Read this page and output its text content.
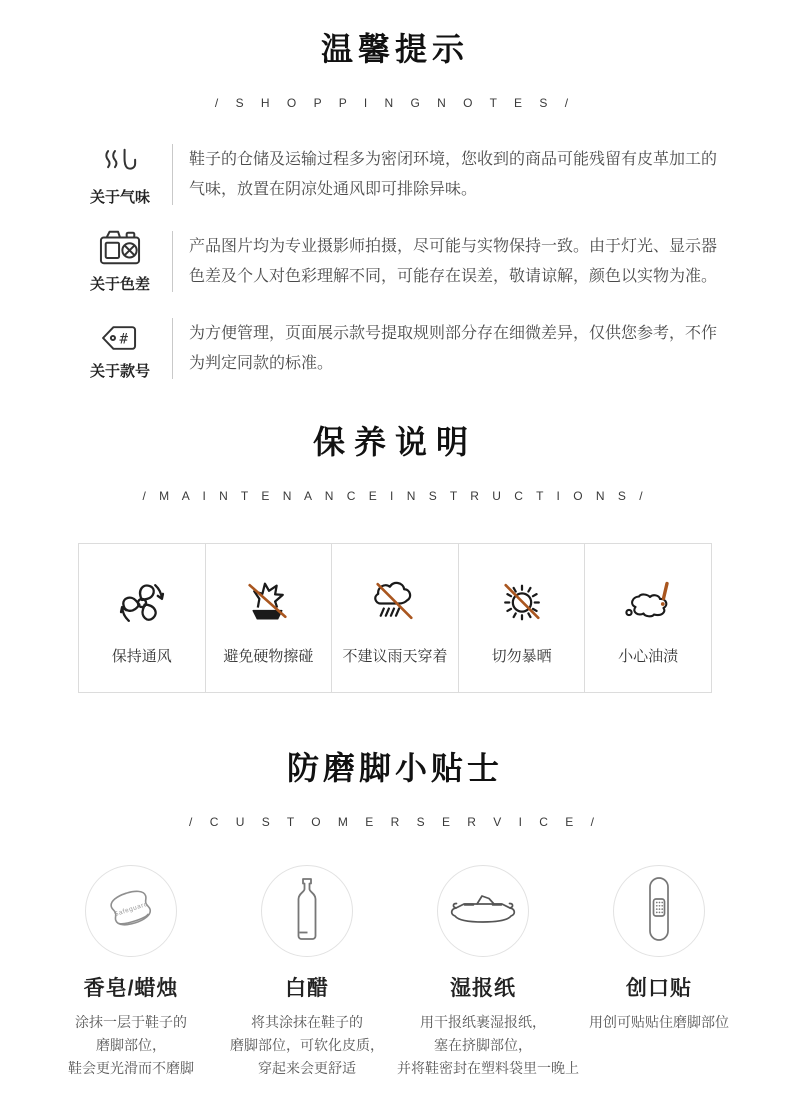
温馨提示
/ S H O P P I N G N O T E S /
关于气味
鞋子的仓储及运输过程多为密闭环境，您收到的商品可能残留有皮革加工的气味，放置在阴凉处通风即可排除异味。
关于色差
产品图片均为专业摄影师拍摄，尽可能与实物保持一致。由于灯光、显示器色差及个人对色彩理解不同，可能存在误差，敬请谅解，颜色以实物为准。
#
关于款号
为方便管理，页面展示款号提取规则部分存在细微差异，仅供您参考，不作为判定同款的标准。
保养说明
/ M A I N T E N A N C E I N S T R U C T I O N S /
保持通风	避免硬物擦碰 不建议雨天穿着	切勿暴晒	小心油渍
防磨脚小贴士
/ C U S T O M E R S E R V I C E /
Safeguard
香皂/蜡烛
涂抹一层于鞋子的
磨脚部位，
鞋会更光滑而不磨脚
白醋
将其涂抹在鞋子的
磨脚部位，可软化皮质，
穿起来会更舒适
湿报纸
用干报纸裹湿报纸，
塞在挤脚部位，
并将鞋密封在塑料袋里一晚上
创口贴
用创可贴贴住磨脚部位
